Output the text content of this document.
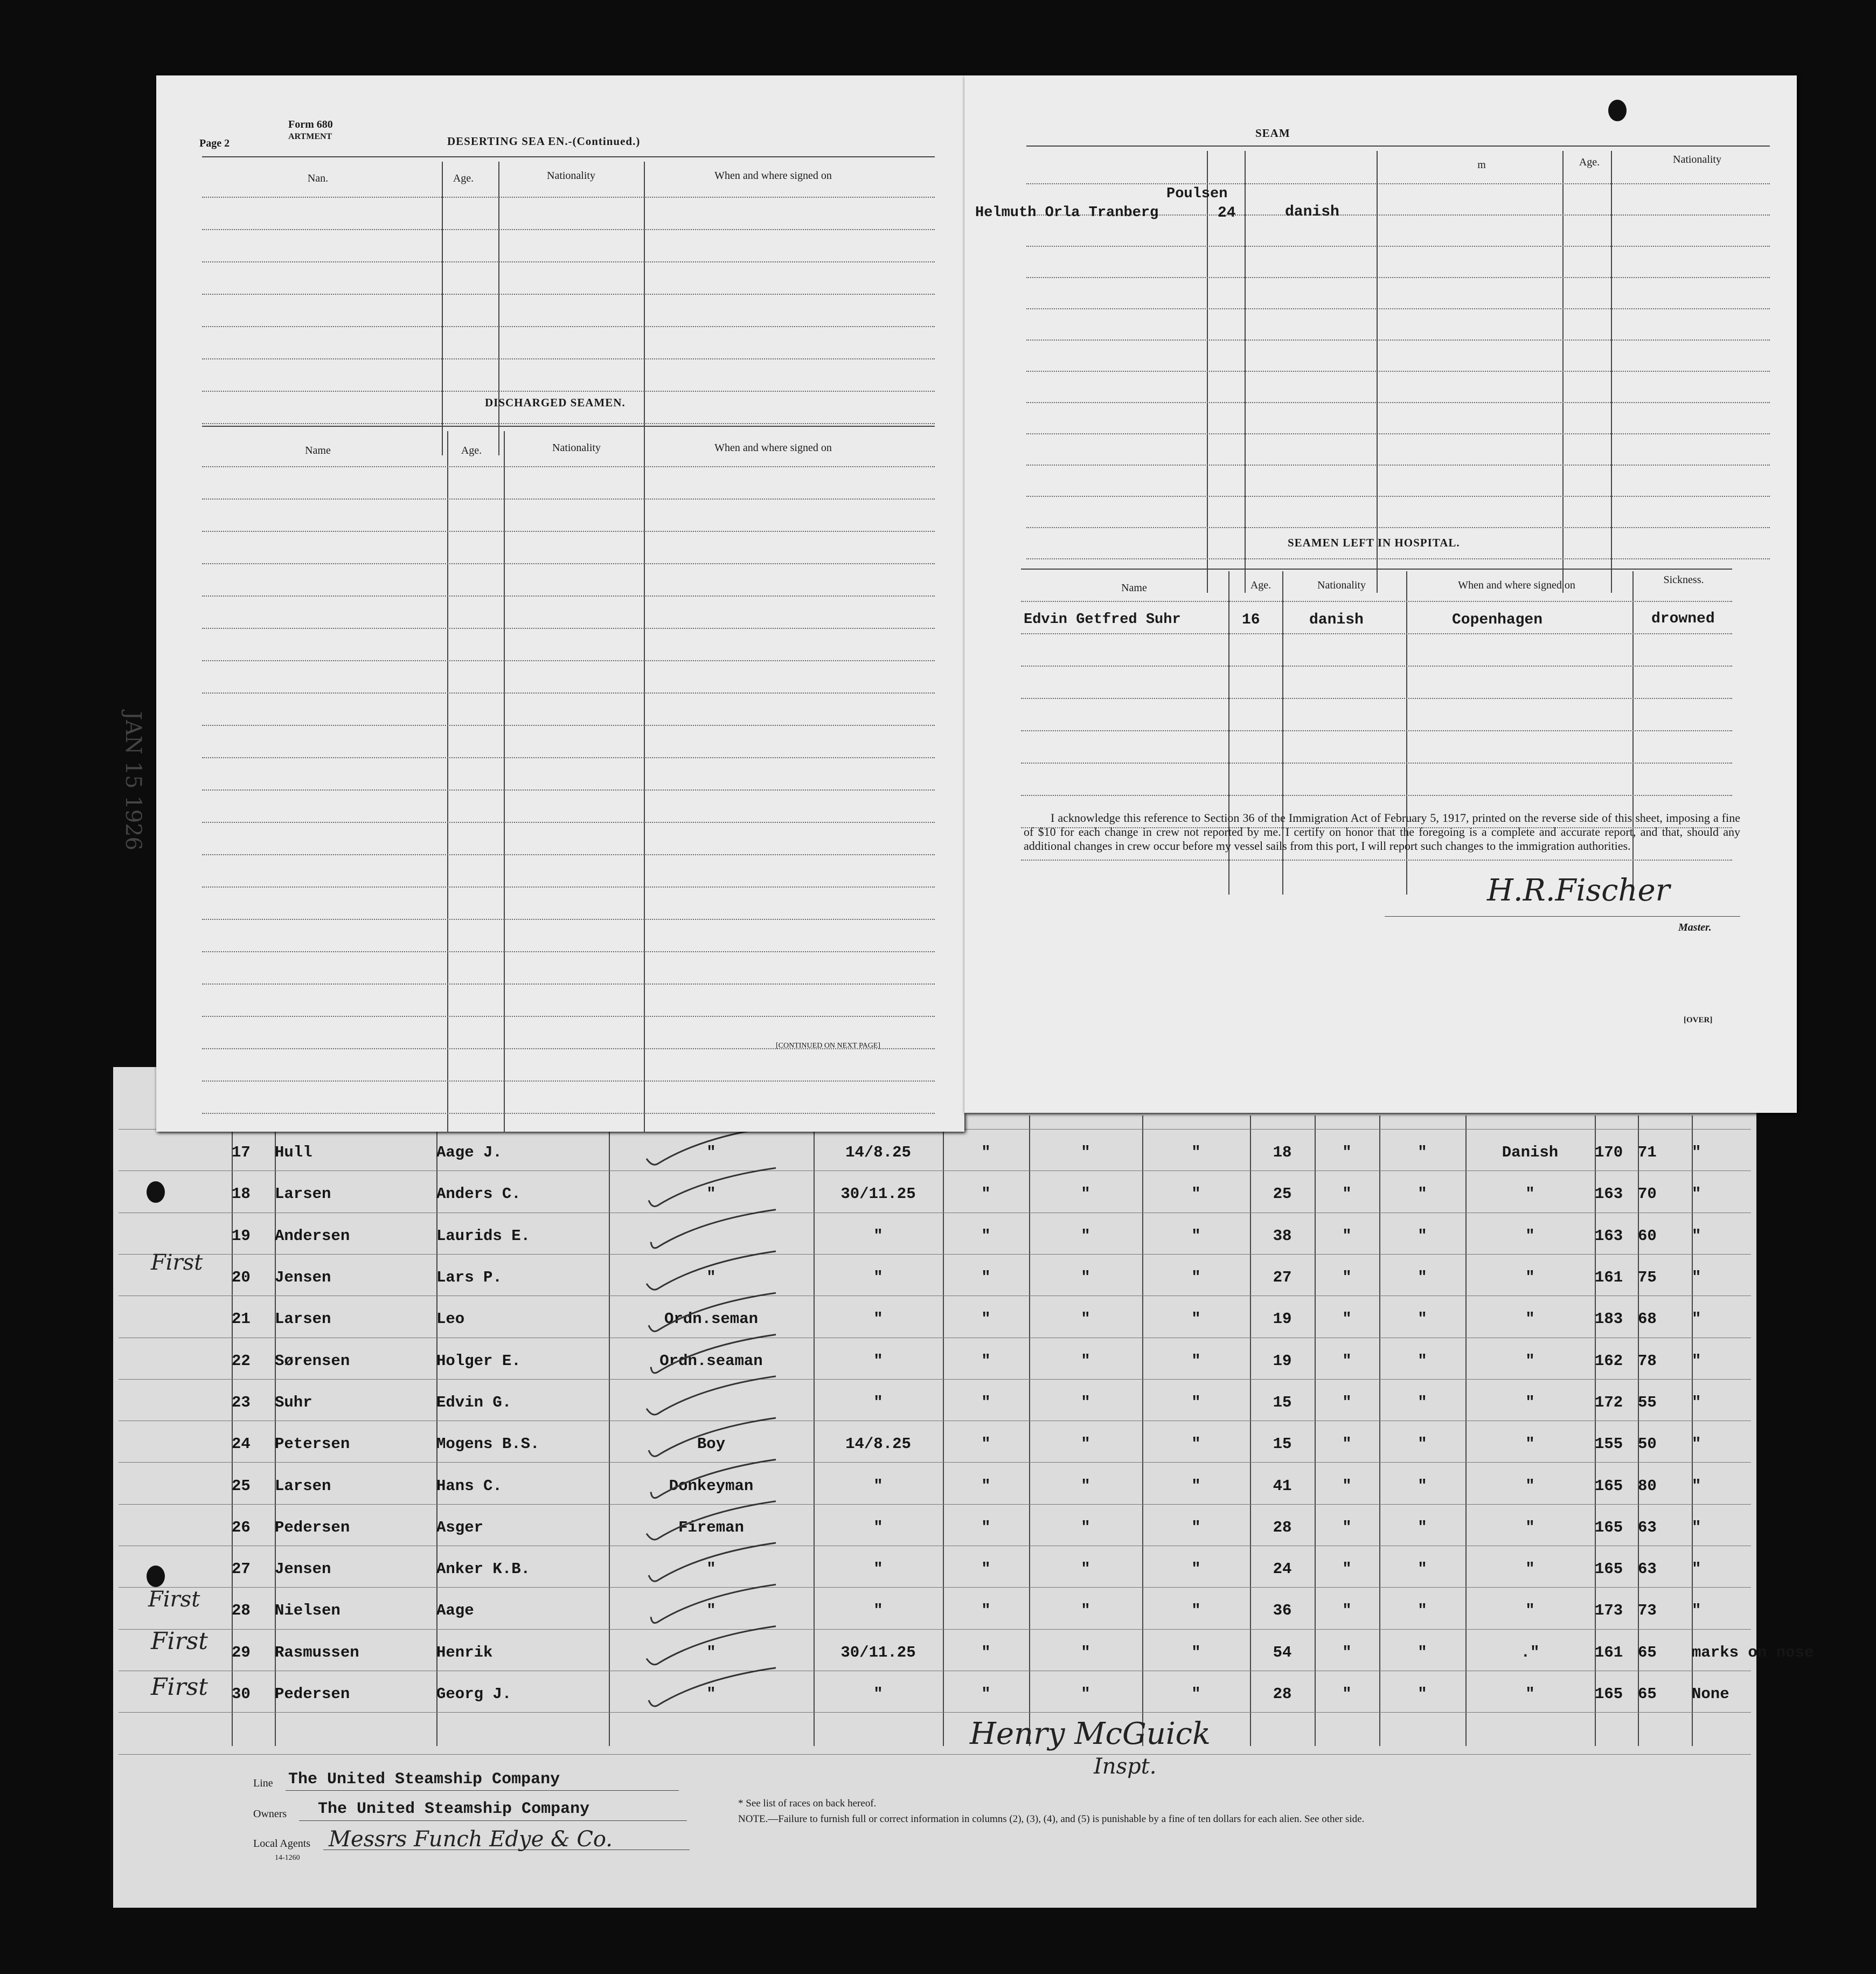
17	Hull	Aage J.	"	14/8.25	"	"	"	18	"	"	Danish	170	71	"
18	Larsen	Anders C.	"	30/11.25	"	"	"	25	"	"	"	163	70	"
19	Andersen	Laurids E.		"	"	"	"	38	"	"	"	163	60	"
20	Jensen	Lars P.	"	"	"	"	"	27	"	"	"	161	75	"
21	Larsen	Leo	Ordn.seman	"	"	"	"	19	"	"	"	183	68	"
22	Sørensen	Holger E.	Ordn.seaman	"	"	"	"	19	"	"	"	162	78	"
23	Suhr	Edvin G.		"	"	"	"	15	"	"	"	172	55	"
24	Petersen	Mogens B.S.	Boy	14/8.25	"	"	"	15	"	"	"	155	50	"
25	Larsen	Hans C.	Donkeyman	"	"	"	"	41	"	"	"	165	80	"
26	Pedersen	Asger	Fireman	"	"	"	"	28	"	"	"	165	63	"
27	Jensen	Anker K.B.	"	"	"	"	"	24	"	"	"	165	63	"
28	Nielsen	Aage	"	"	"	"	"	36	"	"	"	173	73	"
29	Rasmussen	Henrik	"	30/11.25	"	"	"	54	"	"	."	161	65	marks on nose
30	Pedersen	Georg J.	"	"	"	"	"	28	"	"	"	165	65	None
First
First
First
First
Henry McGuick
Inspt.
Line The United Steamship Company
Owners The United Steamship Company
Local Agents Messrs Funch Edye & Co.
14-1260
* See list of races on back hereof.
NOTE.—Failure to furnish full or correct information in columns (2), (3), (4), and (5) is punishable by a fine of ten dollars for each alien. See other side.
Page 2
Form 680
ARTMENT	DESERTING SEA EN.-(Continued.)
Nan.	Age.	Nationality	When and where signed on
DISCHARGED SEAMEN.
Name	Age.	Nationality	When and where signed on
[CONTINUED ON NEXT PAGE]
JAN 15 1926
SEAM
m	Age.	Nationality
Poulsen
Helmuth Orla Tranberg	24	danish
SEAMEN LEFT IN HOSPITAL.
Name	Age.	Nationality	When and where signed on	Sickness.
Edvin Getfred Suhr	16	danish	Copenhagen	drowned
I acknowledge this reference to Section 36 of the Immigration Act of February 5, 1917, printed on the reverse side of this sheet, imposing a fine of $10 for each change in crew not reported by me. I certify on honor that the foregoing is a complete and accurate report, and that, should any additional changes in crew occur before my vessel sails from this port, I will report such changes to the immigration authorities.
H.R.Fischer
Master.
[OVER]
